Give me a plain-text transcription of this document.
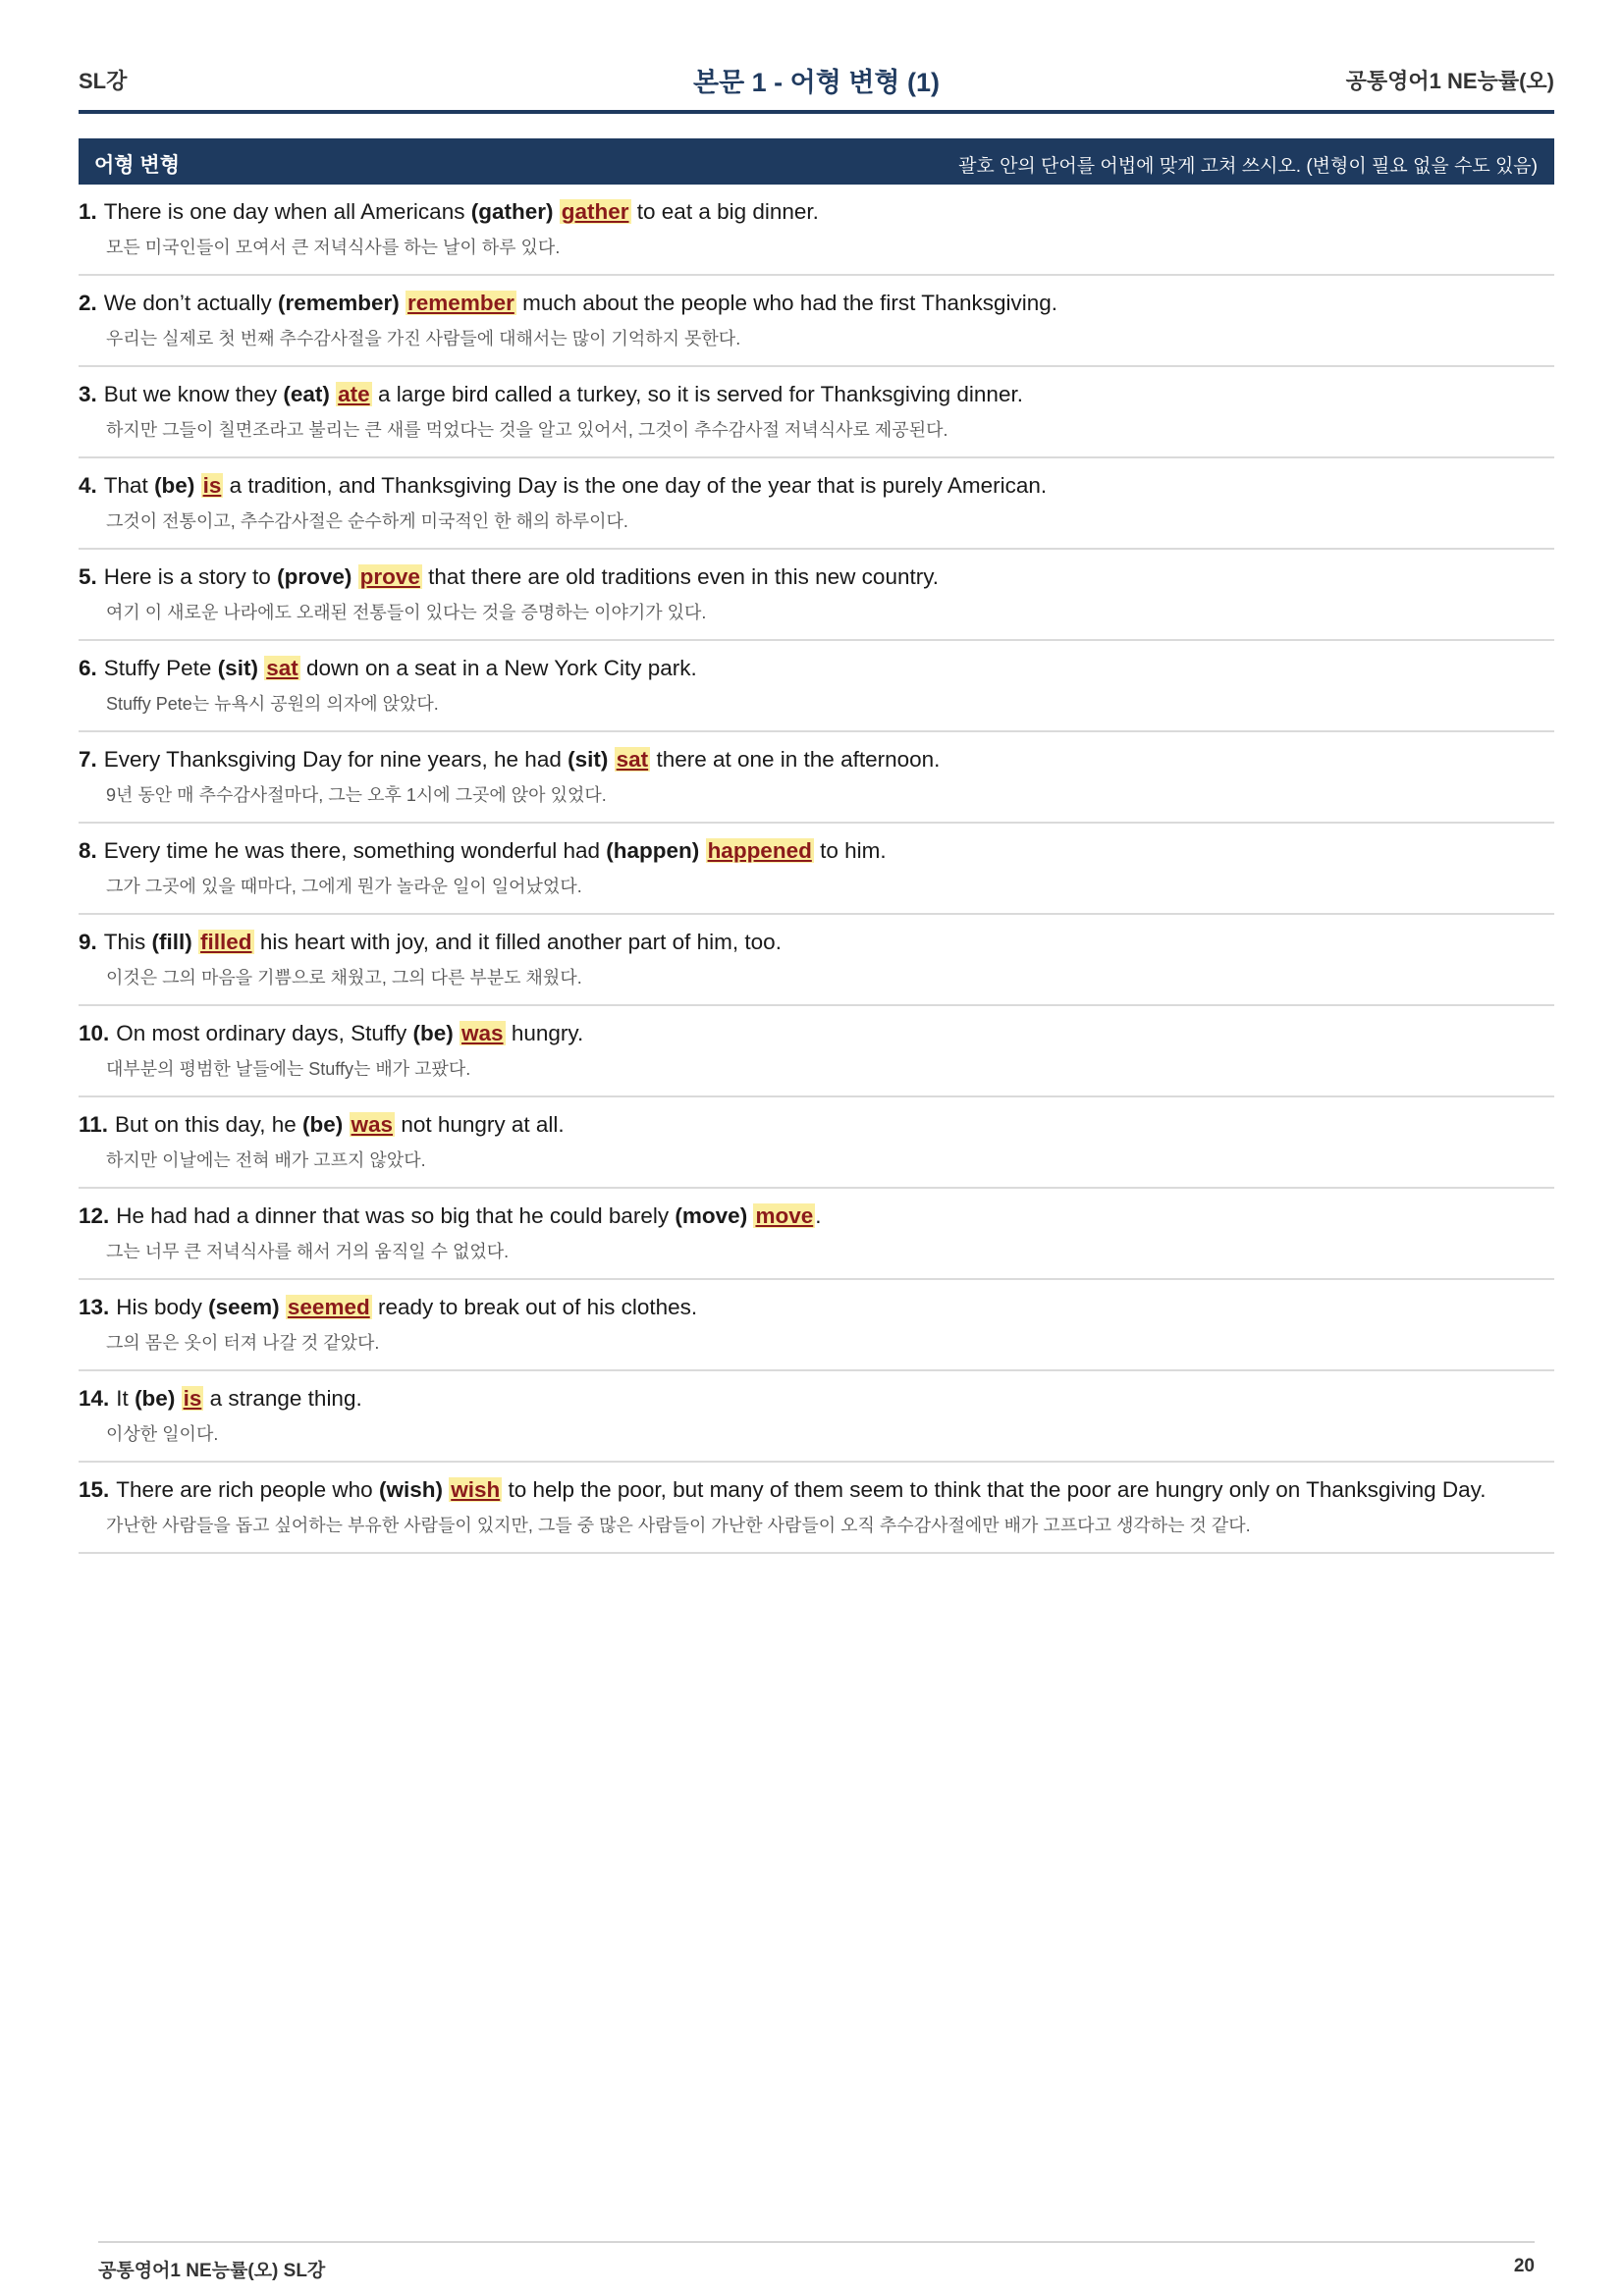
SL강	본문 1 - 어형 변형 (1)	공통영어1 NE능률(오)
어형 변형	괄호 안의 단어를 어법에 맞게 고쳐 쓰시오. (변형이 필요 없을 수도 있음)
1. There is one day when all Americans (gather) gather to eat a big dinner.
모든 미국인들이 모여서 큰 저녁식사를 하는 날이 하루 있다.
2. We don’t actually (remember) remember much about the people who had the first Thanksgiving.
우리는 실제로 첫 번째 추수감사절을 가진 사람들에 대해서는 많이 기억하지 못한다.
3. But we know they (eat) ate a large bird called a turkey, so it is served for Thanksgiving dinner.
하지만 그들이 칠면조라고 불리는 큰 새를 먹었다는 것을 알고 있어서, 그것이 추수감사절 저녁식사로 제공된다.
4. That (be) is a tradition, and Thanksgiving Day is the one day of the year that is purely American.
그것이 전통이고, 추수감사절은 순수하게 미국적인 한 해의 하루이다.
5. Here is a story to (prove) prove that there are old traditions even in this new country.
여기 이 새로운 나라에도 오래된 전통들이 있다는 것을 증명하는 이야기가 있다.
6. Stuffy Pete (sit) sat down on a seat in a New York City park.
Stuffy Pete는 뉴욕시 공원의 의자에 앉았다.
7. Every Thanksgiving Day for nine years, he had (sit) sat there at one in the afternoon.
9년 동안 매 추수감사절마다, 그는 오후 1시에 그곳에 앉아 있었다.
8. Every time he was there, something wonderful had (happen) happened to him.
그가 그곳에 있을 때마다, 그에게 뭔가 놀라운 일이 일어났었다.
9. This (fill) filled his heart with joy, and it filled another part of him, too.
이것은 그의 마음을 기쁨으로 채웠고, 그의 다른 부분도 채웠다.
10. On most ordinary days, Stuffy (be) was hungry.
대부분의 평범한 날들에는 Stuffy는 배가 고팠다.
11. But on this day, he (be) was not hungry at all.
하지만 이날에는 전혀 배가 고프지 않았다.
12. He had had a dinner that was so big that he could barely (move) move.
그는 너무 큰 저녁식사를 해서 거의 움직일 수 없었다.
13. His body (seem) seemed ready to break out of his clothes.
그의 몸은 옷이 터져 나갈 것 같았다.
14. It (be) is a strange thing.
이상한 일이다.
15. There are rich people who (wish) wish to help the poor, but many of them seem to think that the poor are hungry only on Thanksgiving Day.
가난한 사람들을 돕고 싶어하는 부유한 사람들이 있지만, 그들 중 많은 사람들이 가난한 사람들이 오직 추수감사절에만 배가 고프다고 생각하는 것 같다.
공통영어1 NE능률(오) SL강	20
